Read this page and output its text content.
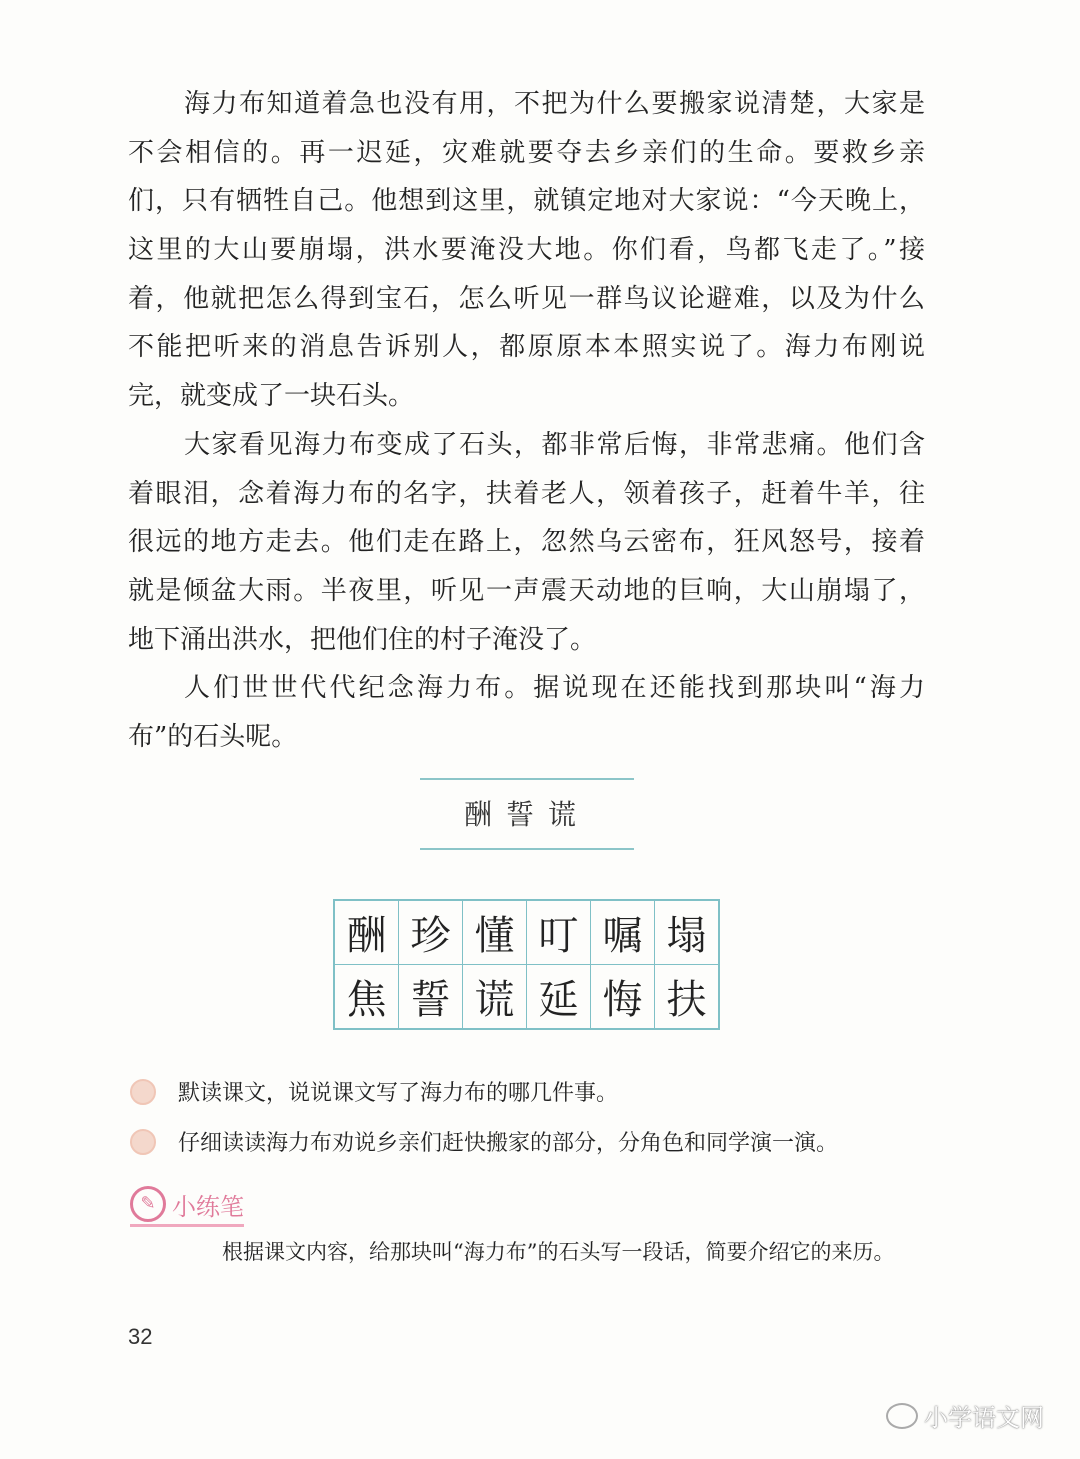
海力布知道着急也没有用，不把为什么要搬家说清楚，大家是
不会相信的。再一迟延，灾难就要夺去乡亲们的生命。要救乡亲
们，只有牺牲自己。他想到这里，就镇定地对大家说：“今天晚上，
这里的大山要崩塌，洪水要淹没大地。你们看，鸟都飞走了。”接
着，他就把怎么得到宝石，怎么听见一群鸟议论避难，以及为什么
不能把听来的消息告诉别人，都原原本本照实说了。海力布刚说
完，就变成了一块石头。
大家看见海力布变成了石头，都非常后悔，非常悲痛。他们含
着眼泪，念着海力布的名字，扶着老人，领着孩子，赶着牛羊，往
很远的地方走去。他们走在路上，忽然乌云密布，狂风怒号，接着
就是倾盆大雨。半夜里，听见一声震天动地的巨响，大山崩塌了，
地下涌出洪水，把他们住的村子淹没了。
人们世世代代纪念海力布。据说现在还能找到那块叫“海力
布”的石头呢。
酬誓谎
酬	珍	懂	叮	嘱	塌
焦	誓	谎	延	悔	扶
默读课文，说说课文写了海力布的哪几件事。
仔细读读海力布劝说乡亲们赶快搬家的部分，分角色和同学演一演。
✎ 小练笔
根据课文内容，给那块叫“海力布”的石头写一段话，简要介绍它的来历。
32
小学语文网
